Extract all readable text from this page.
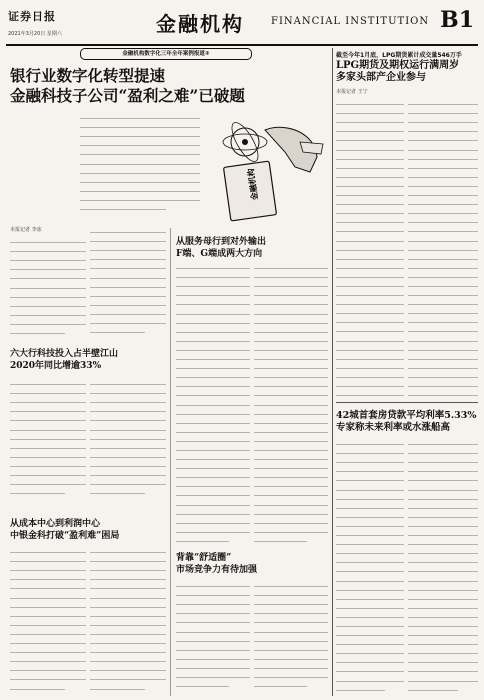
证券日报
2021年3月20日 星期六	金融机构	FINANCIAL INSTITUTION B1
金融机构数字化三年全年案例报道②
银行业数字化转型提速
金融科技子公司“盈利之难”已破题
金融机构
本报记者 李冰
六大行科技投入占半壁江山
2020年同比增逾33%
从成本中心到利润中心
中银金科打破“盈利难”困局
从服务母行到对外输出
F端、G端成两大方向
背靠“舒适圈”
市场竞争力有待加强
截至今年1月底，LPG期货累计成交量546万手
LPG期货及期权运行满周岁
多家头部产企业参与
本报记者 王宁
42城首套房贷款平均利率5.33%
专家称未来利率或水涨船高
